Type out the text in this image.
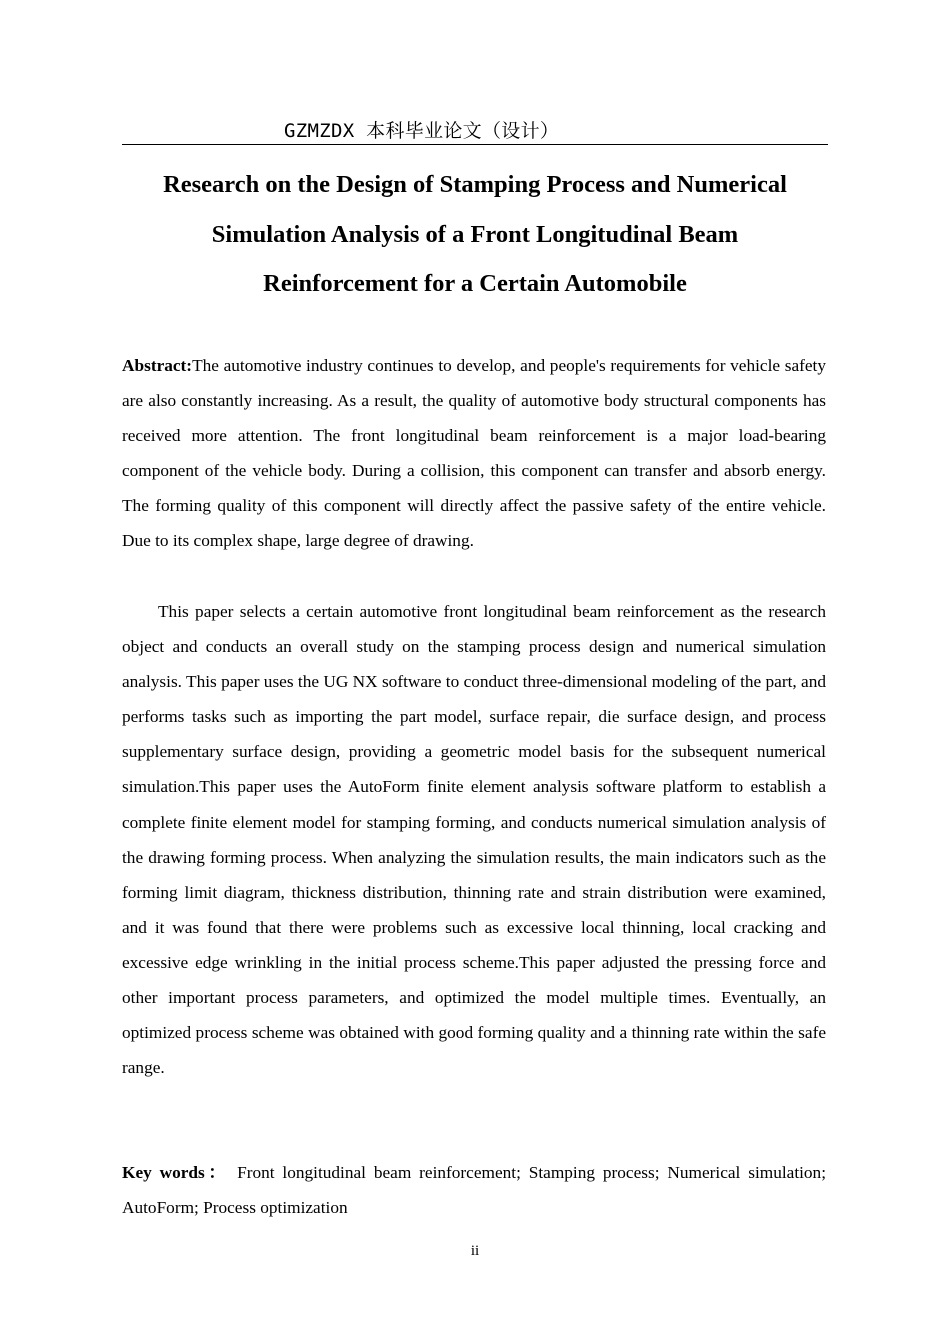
GZMZDX 本科毕业论文（设计）
Research on the Design of Stamping Process and Numerical
Simulation Analysis of a Front Longitudinal Beam
Reinforcement for a Certain Automobile

Abstract:The automotive industry continues to develop, and people's requirements for vehicle safety are also constantly increasing. As a result, the quality of automotive body structural components has received more attention. The front longitudinal beam reinforcement is a major load-bearing component of the vehicle body. During a collision, this component can transfer and absorb energy. The forming quality of this component will directly affect the passive safety of the entire vehicle. Due to its complex shape, large degree of drawing.

This paper selects a certain automotive front longitudinal beam reinforcement as the research object and conducts an overall study on the stamping process design and numerical simulation analysis. This paper uses the UG NX software to conduct three-dimensional modeling of the part, and performs tasks such as importing the part model, surface repair, die surface design, and process supplementary surface design, providing a geometric model basis for the subsequent numerical simulation.This paper uses the AutoForm finite element analysis software platform to establish a complete finite element model for stamping forming, and conducts numerical simulation analysis of the drawing forming process. When analyzing the simulation results, the main indicators such as the forming limit diagram, thickness distribution, thinning rate and strain distribution were examined, and it was found that there were problems such as excessive local thinning, local cracking and excessive edge wrinkling in the initial process scheme.This paper adjusted the pressing force and other important process parameters, and optimized the model multiple times. Eventually, an optimized process scheme was obtained with good forming quality and a thinning rate within the safe range.

Key words： Front longitudinal beam reinforcement; Stamping process; Numerical simulation; AutoForm; Process optimization

ii
